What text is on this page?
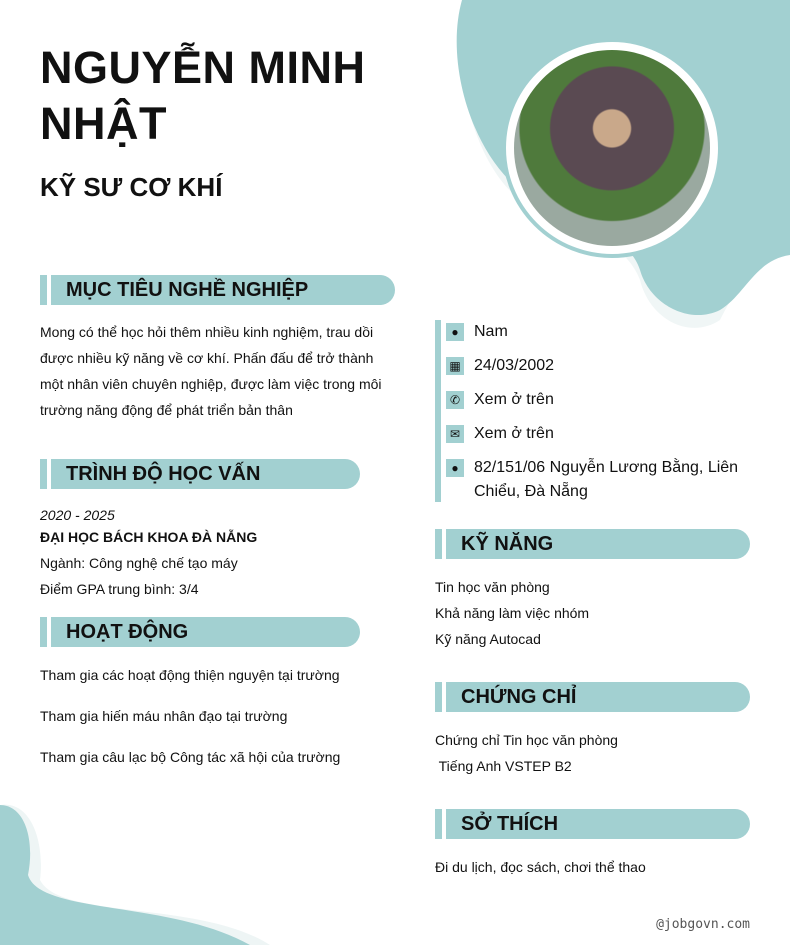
NGUYỄN MINH NHẬT
KỸ SƯ CƠ KHÍ
MỤC TIÊU NGHỀ NGHIỆP
Mong có thể học hỏi thêm nhiều kinh nghiệm, trau dồi được nhiều kỹ năng về cơ khí. Phấn đấu để trở thành một nhân viên chuyên nghiệp, được làm việc trong môi trường năng động để phát triển bản thân
TRÌNH ĐỘ HỌC VẤN
2020 - 2025
ĐẠI HỌC BÁCH KHOA ĐÀ NẴNG
Ngành: Công nghệ chế tạo máy
Điểm GPA trung bình: 3/4
HOẠT ĐỘNG
Tham gia các hoạt động thiện nguyện tại trường
Tham gia hiến máu nhân đạo tại trường
Tham gia câu lạc bộ Công tác xã hội của trường
● Nam
▦ 24/03/2002
✆ Xem ở trên
✉ Xem ở trên
● 82/151/06 Nguyễn Lương Bằng, Liên Chiểu, Đà Nẵng
KỸ NĂNG
Tin học văn phòng
Khả năng làm việc nhóm
Kỹ năng Autocad
CHỨNG CHỈ
Chứng chỉ Tin học văn phòng
Tiếng Anh VSTEP B2
SỞ THÍCH
Đi du lịch, đọc sách, chơi thể thao
@jobgovn.com
